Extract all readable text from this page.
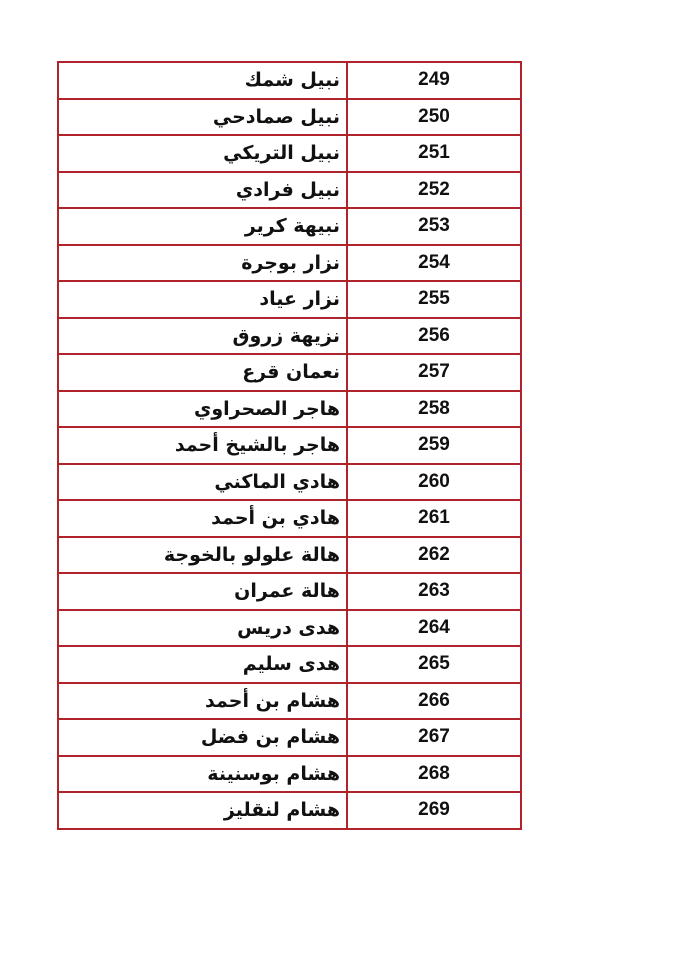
نبيل شمك	249
نبيل صمادحي	250
نبيل التريكي	251
نبيل فرادي	252
نبيهة كرير	253
نزار بوجرة	254
نزار عياد	255
نزيهة زروق	256
نعمان قرع	257
هاجر الصحراوي	258
هاجر بالشيخ أحمد	259
هادي الماكني	260
هادي بن أحمد	261
هالة علولو بالخوجة	262
هالة عمران	263
هدى دريس	264
هدى سليم	265
هشام بن أحمد	266
هشام بن فضل	267
هشام بوسنينة	268
هشام لنقليز	269
